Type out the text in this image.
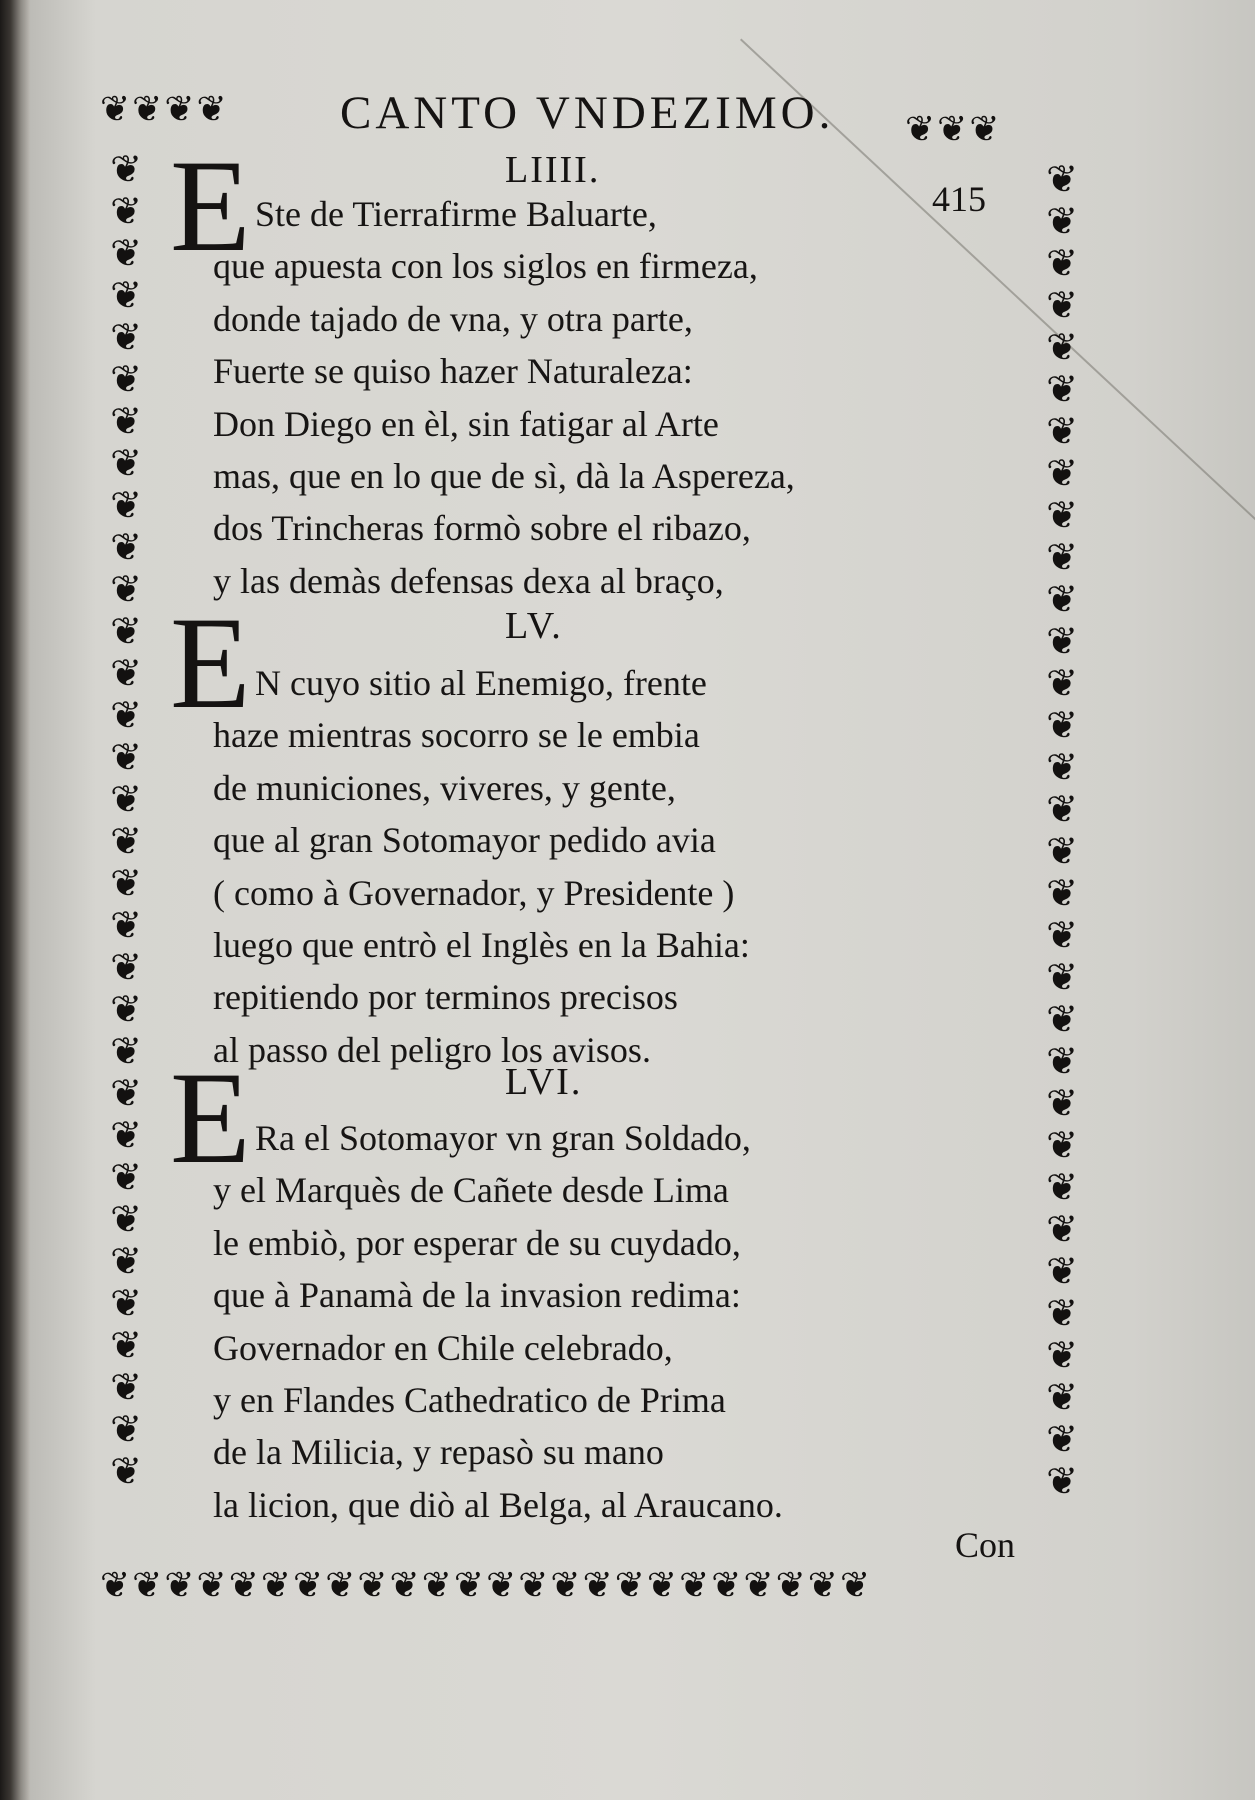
CANTO VNDEZIMO.
415
❦ ❦ ❦ ❦	❦ ❦ ❦
❦
❦
❦
❦
❦
❦
❦
❦
❦
❦
❦
❦
❦
❦
❦
❦
❦
❦
❦
❦
❦
❦
❦
❦
❦
❦
❦
❦
❦
❦
❦
❦
❦
❦
❦
❦
❦
❦
❦
❦
❦
❦
❦
❦
❦
❦
❦
❦
❦
❦
❦
❦
❦
❦
❦
❦
❦
❦
❦
❦
❦
❦
❦
❦
❦ ❦ ❦ ❦ ❦ ❦ ❦ ❦ ❦ ❦ ❦ ❦ ❦ ❦ ❦ ❦ ❦ ❦ ❦ ❦ ❦ ❦ ❦ ❦
LIIII.
E Ste de Tierrafirme Baluarte,
que apuesta con los siglos en firmeza,
donde tajado de vna, y otra parte,
Fuerte se quiso hazer Naturaleza:
Don Diego en èl, sin fatigar al Arte
mas, que en lo que de sì, dà la Aspereza,
dos Trincheras formò sobre el ribazo,
y las demàs defensas dexa al braço,
LV.
E N cuyo sitio al Enemigo, frente
haze mientras socorro se le embia
de municiones, viveres, y gente,
que al gran Sotomayor pedido avia
( como à Governador, y Presidente )
luego que entrò el Inglès en la Bahia:
repitiendo por terminos precisos
al passo del peligro los avisos.
LVI.
E Ra el Sotomayor vn gran Soldado,
y el Marquès de Cañete desde Lima
le embiò, por esperar de su cuydado,
que à Panamà de la invasion redima:
Governador en Chile celebrado,
y en Flandes Cathedratico de Prima
de la Milicia, y repasò su mano
la licion, que diò al Belga, al Araucano.
Con
